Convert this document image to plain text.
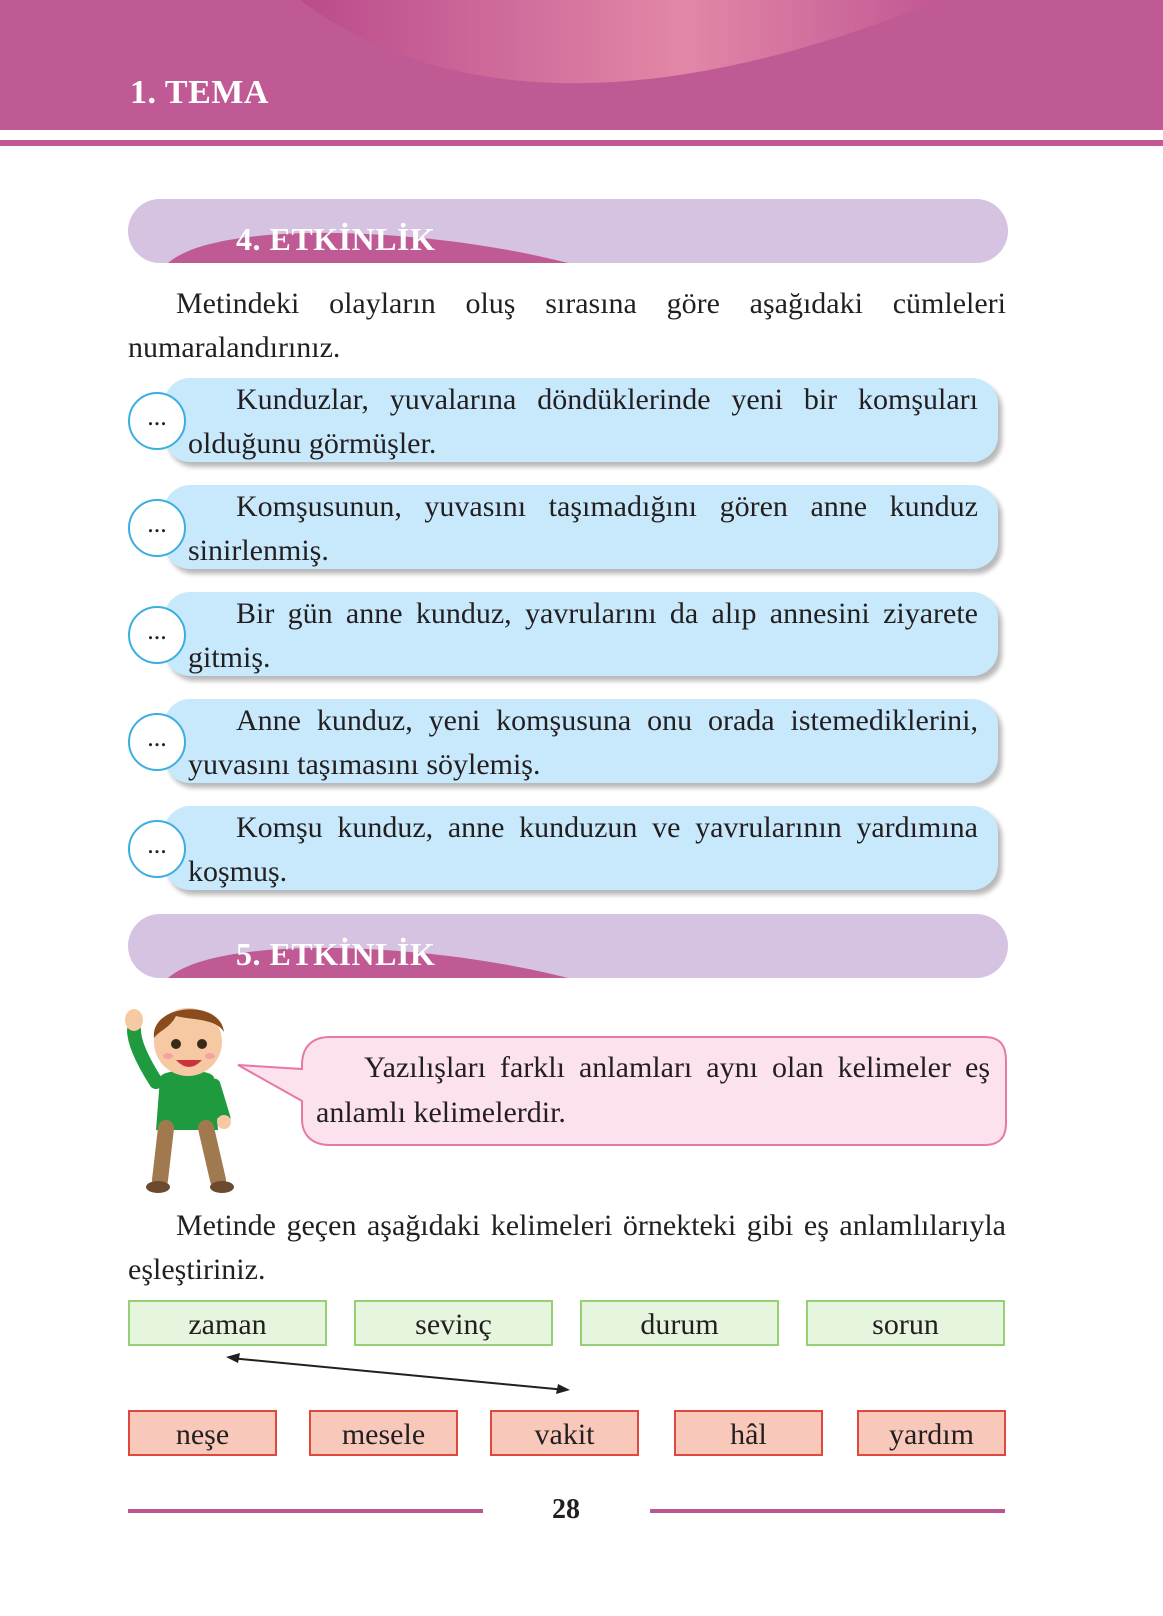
1. TEMA
4. ETKİNLİK
Metindeki olayların oluş sırasına göre aşağıdaki cümleleri numaralandırınız.
Kunduzlar, yuvalarına döndüklerinde yeni bir komşuları olduğunu görmüşler.
...
Komşusunun, yuvasını taşımadığını gören anne kunduz sinirlenmiş.
...
Bir gün anne kunduz, yavrularını da alıp annesini ziyarete gitmiş.
...
Anne kunduz, yeni komşusuna onu orada istemediklerini, yuvasını taşımasını söylemiş.
...
Komşu kunduz, anne kunduzun ve yavrularının yardımına koşmuş.
...
5. ETKİNLİK
Yazılışları farklı anlamları aynı olan kelimeler eş anlamlı kelimelerdir.
Metinde geçen aşağıdaki kelimeleri örnekteki gibi eş anlamlılarıyla eşleştiriniz.
zaman	sevinç	durum	sorun
neşe	mesele	vakit	hâl	yardım
28
